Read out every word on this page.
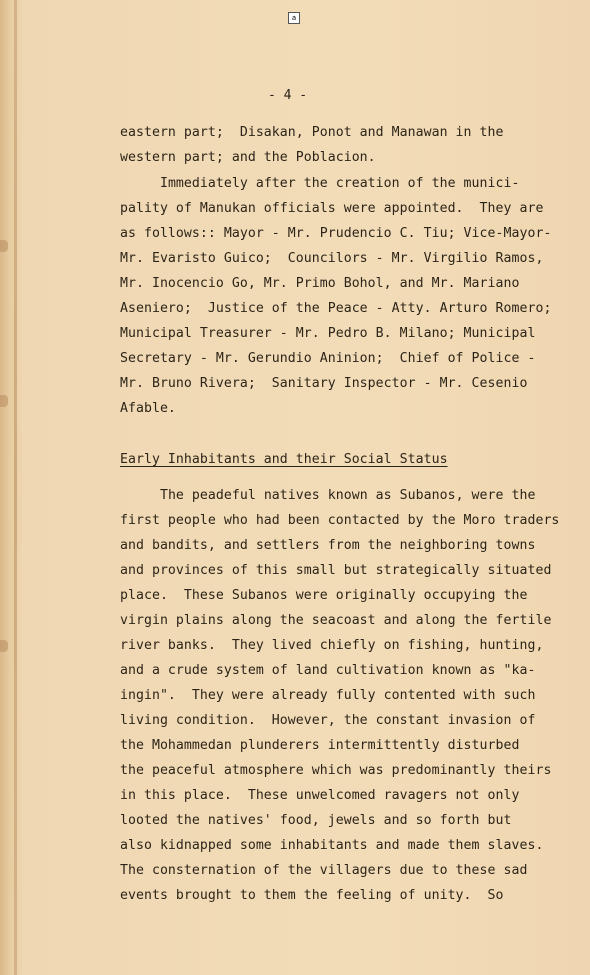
a
- 4 -
eastern part;  Disakan, Ponot and Manawan in the
western part; and the Poblacion.
Immediately after the creation of the munici-
pality of Manukan officials were appointed.  They are
as follows:: Mayor - Mr. Prudencio C. Tiu; Vice-Mayor-
Mr. Evaristo Guico;  Councilors - Mr. Virgilio Ramos,
Mr. Inocencio Go, Mr. Primo Bohol, and Mr. Mariano
Aseniero;  Justice of the Peace - Atty. Arturo Romero;
Municipal Treasurer - Mr. Pedro B. Milano; Municipal
Secretary - Mr. Gerundio Aninion;  Chief of Police -
Mr. Bruno Rivera;  Sanitary Inspector - Mr. Cesenio
Afable.
Early Inhabitants and their Social Status
The peadeful natives known as Subanos, were the
first people who had been contacted by the Moro traders
and bandits, and settlers from the neighboring towns
and provinces of this small but strategically situated
place.  These Subanos were originally occupying the
virgin plains along the seacoast and along the fertile
river banks.  They lived chiefly on fishing, hunting,
and a crude system of land cultivation known as "ka-
ingin".  They were already fully contented with such
living condition.  However, the constant invasion of
the Mohammedan plunderers intermittently disturbed
the peaceful atmosphere which was predominantly theirs
in this place.  These unwelcomed ravagers not only
looted the natives' food, jewels and so forth but
also kidnapped some inhabitants and made them slaves.
The consternation of the villagers due to these sad
events brought to them the feeling of unity.  So
